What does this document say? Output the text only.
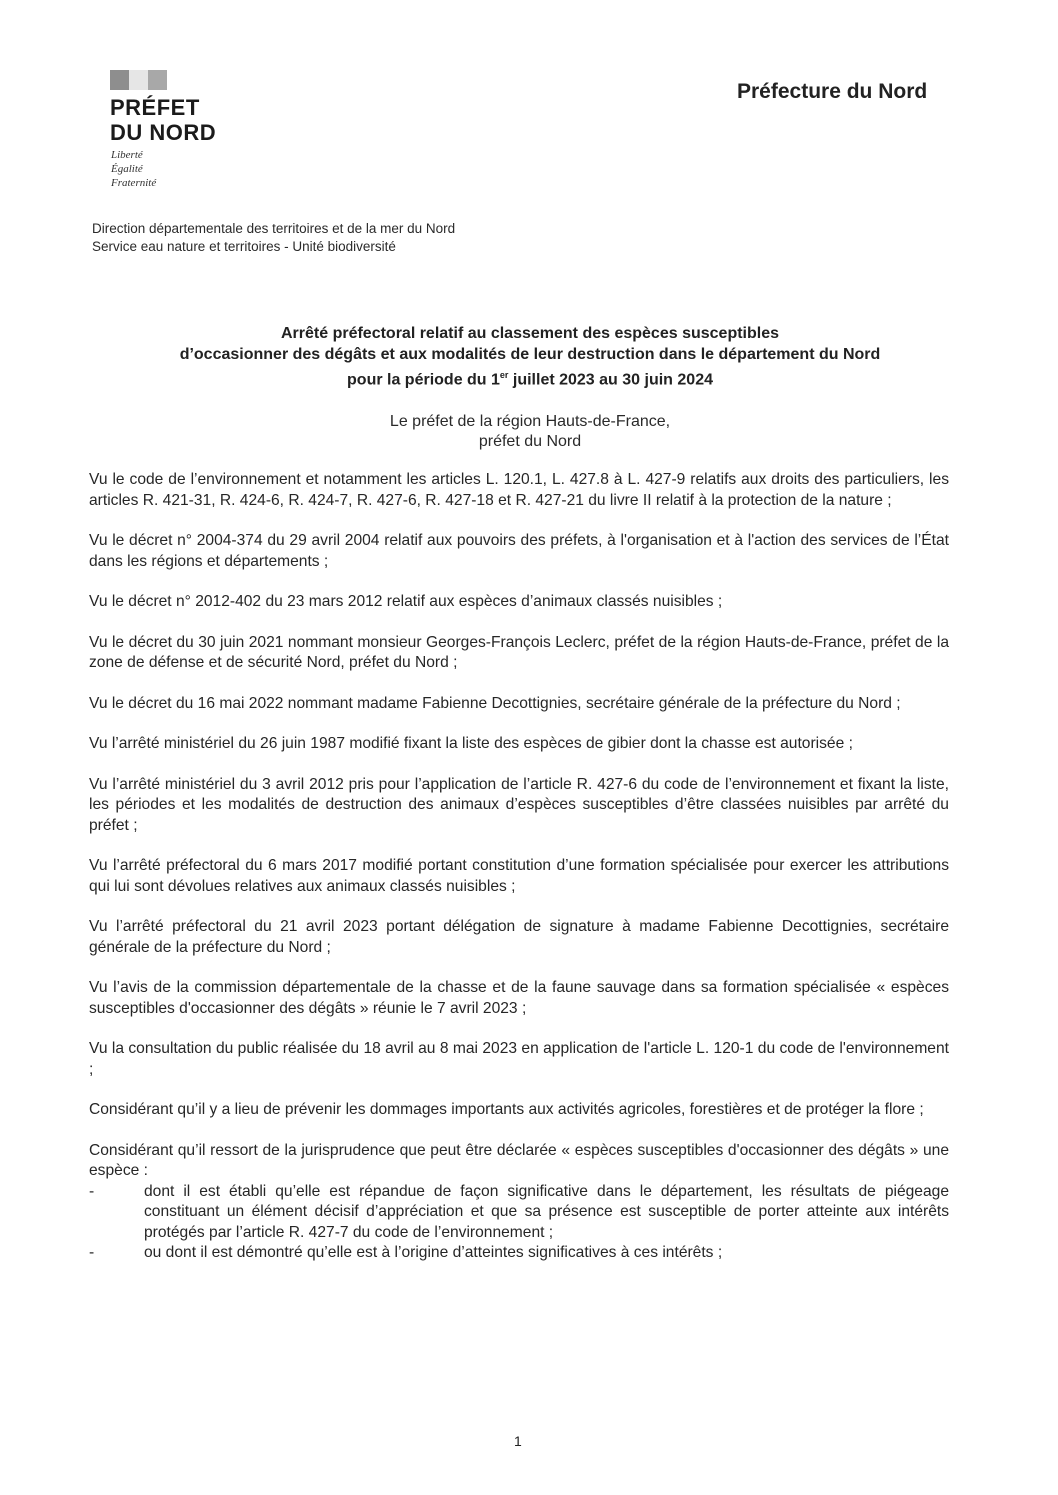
PRÉFET
DU NORD
Liberté
Égalité
Fraternité
Préfecture du Nord
Direction départementale des territoires et de la mer du Nord
Service eau nature et territoires - Unité biodiversité
Arrêté préfectoral relatif au classement des espèces susceptibles
d’occasionner des dégâts et aux modalités de leur destruction dans le département du Nord
pour la période du 1er juillet 2023 au 30 juin 2024
Le préfet de la région Hauts-de-France,
préfet du Nord

Vu le code de l’environnement et notamment les articles L. 120.1, L. 427.8 à L. 427-9 relatifs aux droits des particuliers, les articles R. 421-31, R. 424-6, R. 424-7, R. 427-6, R. 427-18 et R. 427-21 du livre II relatif à la protection de la nature ;

Vu le décret n° 2004-374 du 29 avril 2004 relatif aux pouvoirs des préfets, à l'organisation et à l'action des services de l’État dans les régions et départements ;

Vu le décret n° 2012-402 du 23 mars 2012 relatif aux espèces d’animaux classés nuisibles ;

Vu le décret du 30 juin 2021 nommant monsieur Georges-François Leclerc, préfet de la région Hauts-de-France, préfet de la zone de défense et de sécurité Nord, préfet du Nord ;

Vu le décret du 16 mai 2022 nommant madame Fabienne Decottignies, secrétaire générale de la préfecture du Nord ;

Vu l’arrêté ministériel du 26 juin 1987 modifié fixant la liste des espèces de gibier dont la chasse est autorisée ;

Vu l’arrêté ministériel du 3 avril 2012 pris pour l’application de l’article R. 427-6 du code de l’environnement et fixant la liste, les périodes et les modalités de destruction des animaux d’espèces susceptibles d’être classées nuisibles par arrêté du préfet ;

Vu l’arrêté préfectoral du 6 mars 2017 modifié portant constitution d’une formation spécialisée pour exercer les attributions qui lui sont dévolues relatives aux animaux classés nuisibles ;

Vu l’arrêté préfectoral du 21 avril 2023 portant délégation de signature à madame Fabienne Decottignies, secrétaire générale de la préfecture du Nord ;

Vu l’avis de la commission départementale de la chasse et de la faune sauvage dans sa formation spécialisée « espèces susceptibles d'occasionner des dégâts » réunie le 7 avril 2023 ;

Vu la consultation du public réalisée du 18 avril au 8 mai 2023 en application de l'article L. 120-1 du code de l'environnement ;

Considérant qu’il y a lieu de prévenir les dommages importants aux activités agricoles, forestières et de protéger la flore ;

Considérant qu’il ressort de la jurisprudence que peut être déclarée « espèces susceptibles d'occasionner des dégâts » une espèce :

-	dont il est établi qu’elle est répandue de façon significative dans le département, les résultats de piégeage constituant un élément décisif d’appréciation et que sa présence est susceptible de porter atteinte aux intérêts protégés par l’article R. 427-7 du code de l’environnement ;
-	ou dont il est démontré qu’elle est à l’origine d’atteintes significatives à ces intérêts ;
1
